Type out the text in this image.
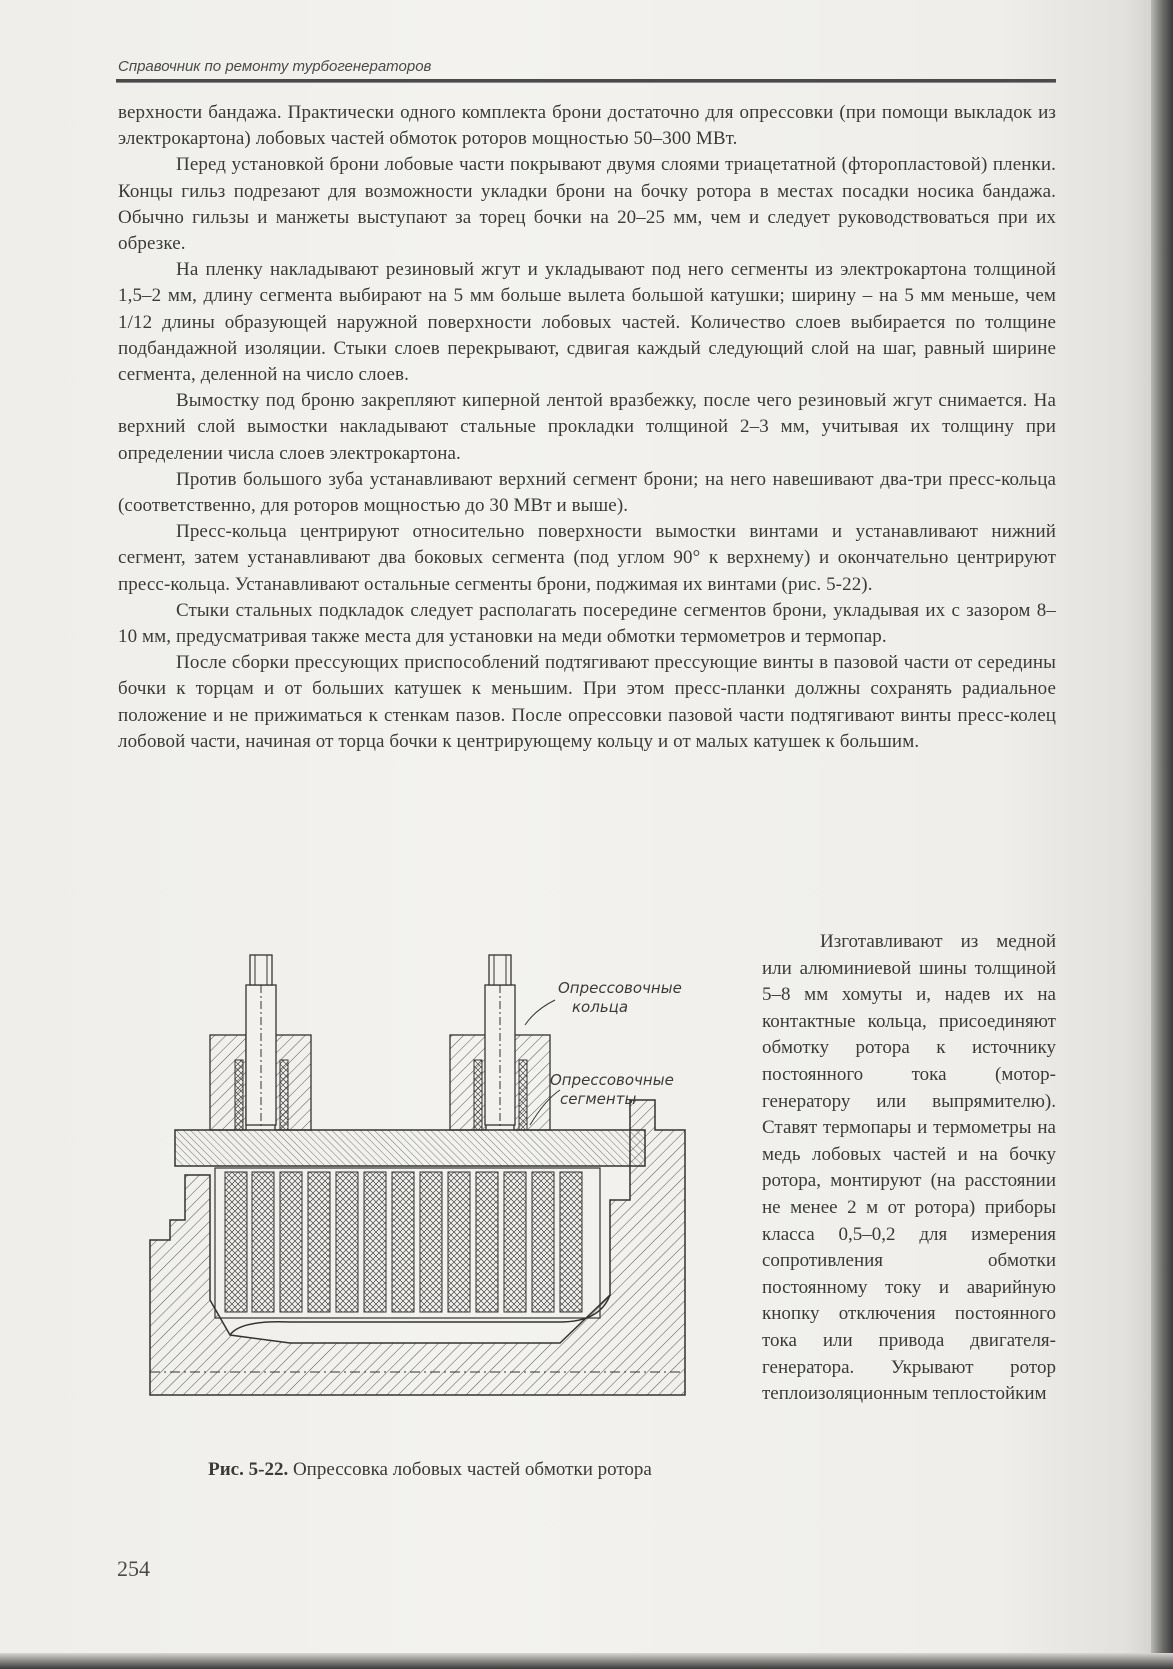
Справочник по ремонту турбогенераторов

верхности бандажа. Практически одного комплекта брони достаточно для опрессовки (при помощи выкладок из электрокартона) лобовых частей обмоток роторов мощностью 50–300 МВт.

Перед установкой брони лобовые части покрывают двумя слоями триацетатной (фторопластовой) пленки. Концы гильз подрезают для возможности укладки брони на бочку ротора в местах посадки носика бандажа. Обычно гильзы и манжеты выступают за торец бочки на 20–25 мм, чем и следует руководствоваться при их обрезке.

На пленку накладывают резиновый жгут и укладывают под него сегменты из электрокартона толщиной 1,5–2 мм, длину сегмента выбирают на 5 мм больше вылета большой катушки; ширину – на 5 мм меньше, чем 1/12 длины образующей наружной поверхности лобовых частей. Количество слоев выбирается по толщине подбандажной изоляции. Стыки слоев перекрывают, сдвигая каждый следующий слой на шаг, равный ширине сегмента, деленной на число слоев.

Вымостку под броню закрепляют киперной лентой вразбежку, после чего резиновый жгут снимается. На верхний слой вымостки накладывают стальные прокладки толщиной 2–3 мм, учитывая их толщину при определении числа слоев электрокартона.

Против большого зуба устанавливают верхний сегмент брони; на него навешивают два-три пресс-кольца (соответственно, для роторов мощностью до 30 МВт и выше).

Пресс-кольца центрируют относительно поверхности вымостки винтами и устанавливают нижний сегмент, затем устанавливают два боковых сегмента (под углом 90° к верхнему) и окончательно центрируют пресс-кольца. Устанавливают остальные сегменты брони, поджимая их винтами (рис. 5-22).

Стыки стальных подкладок следует располагать посередине сегментов брони, укладывая их с зазором 8–10 мм, предусматривая также места для установки на меди обмотки термометров и термопар.

После сборки прессующих приспособлений подтягивают прессующие винты в пазовой части от середины бочки к торцам и от больших катушек к меньшим. При этом пресс-планки должны сохранять радиальное положение и не прижиматься к стенкам пазов. После опрессовки пазовой части подтягивают винты пресс-колец лобовой части, начиная от торца бочки к центрирующему кольцу и от малых катушек к большим.

Опрессовочные
кольца
Опрессовочные
сегменты
Рис. 5-22. Опрессовка лобовых частей обмотки ротора

Изготавливают из медной или алюминиевой шины толщиной 5–8 мм хомуты и, надев их на контактные кольца, присоединяют обмотку ротора к источнику постоянного тока (мотор-генератору или выпрямителю). Ставят термопары и термометры на медь лобовых частей и на бочку ротора, монтируют (на расстоянии не менее 2 м от ротора) приборы класса 0,5–0,2 для измерения сопротивления обмотки постоянному току и аварийную кнопку отключения постоянного тока или привода двигателя-генератора. Укрывают ротор теплоизоляционным теплостойким

254
